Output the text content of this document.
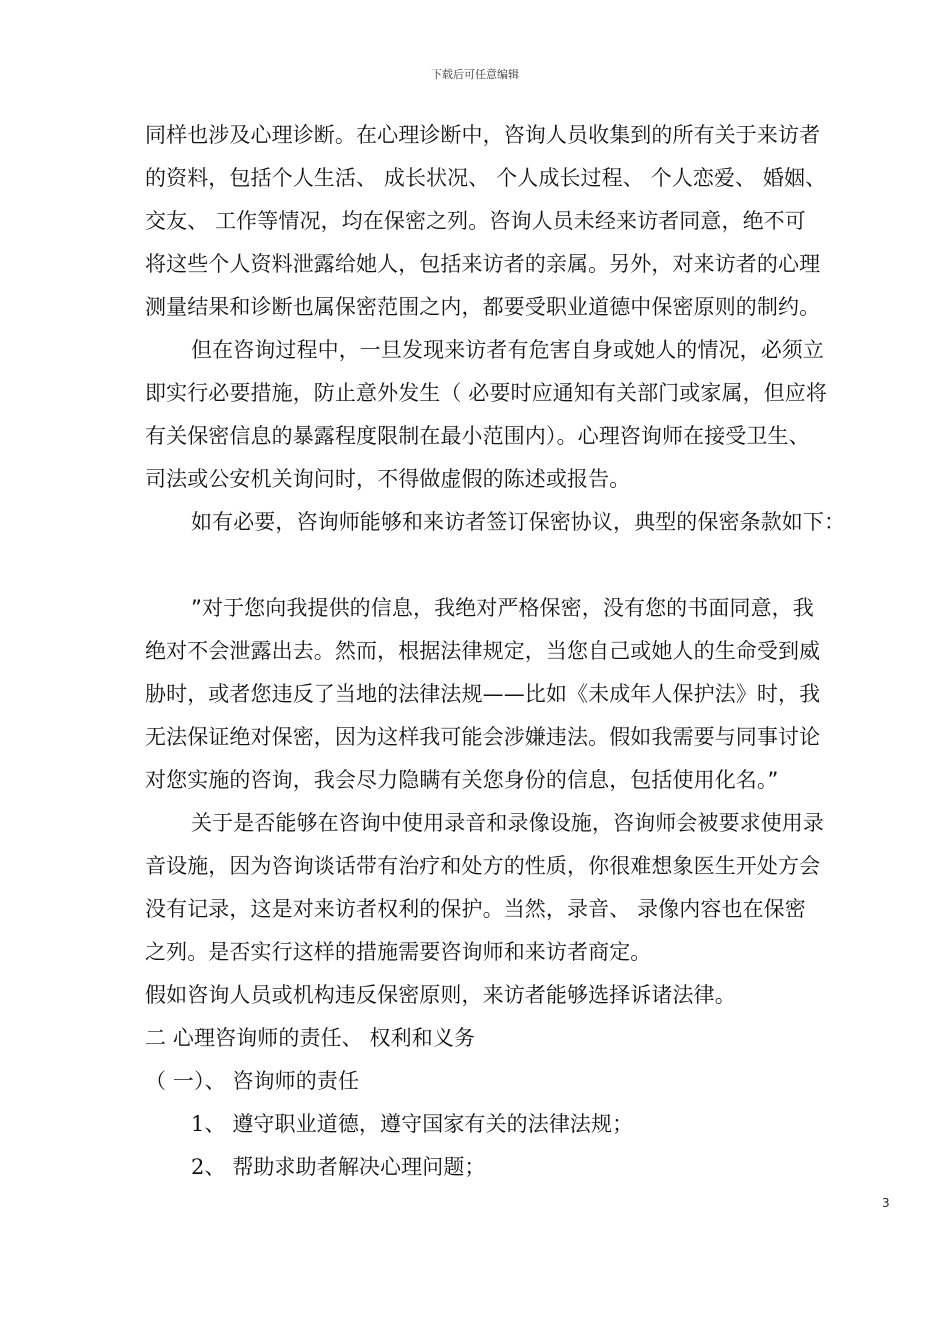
下载后可任意编辑
同样也涉及心理诊断。在心理诊断中，咨询人员收集到的所有关于来访者
的资料，包括个人生活、 成长状况、 个人成长过程、 个人恋爱、 婚姻、
交友、 工作等情况，均在保密之列。咨询人员未经来访者同意，绝不可
将这些个人资料泄露给她人，包括来访者的亲属。另外，对来访者的心理
测量结果和诊断也属保密范围之内，都要受职业道德中保密原则的制约。
但在咨询过程中，一旦发现来访者有危害自身或她人的情况，必须立
即实行必要措施，防止意外发生（ 必要时应通知有关部门或家属，但应将
有关保密信息的暴露程度限制在最小范围内）。心理咨询师在接受卫生、
司法或公安机关询问时，不得做虚假的陈述或报告。
如有必要，咨询师能够和来访者签订保密协议，典型的保密条款如下：
”对于您向我提供的信息，我绝对严格保密，没有您的书面同意，我
绝对不会泄露出去。然而，根据法律规定，当您自己或她人的生命受到威
胁时，或者您违反了当地的法律法规——比如《未成年人保护法》时，我
无法保证绝对保密，因为这样我可能会涉嫌违法。假如我需要与同事讨论
对您实施的咨询，我会尽力隐瞒有关您身份的信息，包括使用化名。”
关于是否能够在咨询中使用录音和录像设施，咨询师会被要求使用录
音设施，因为咨询谈话带有治疗和处方的性质，你很难想象医生开处方会
没有记录，这是对来访者权利的保护。当然，录音、 录像内容也在保密
之列。是否实行这样的措施需要咨询师和来访者商定。
假如咨询人员或机构违反保密原则，来访者能够选择诉诸法律。
二 心理咨询师的责任、 权利和义务
（ 一）、 咨询师的责任
1、 遵守职业道德，遵守国家有关的法律法规；
2、 帮助求助者解决心理问题；
3
